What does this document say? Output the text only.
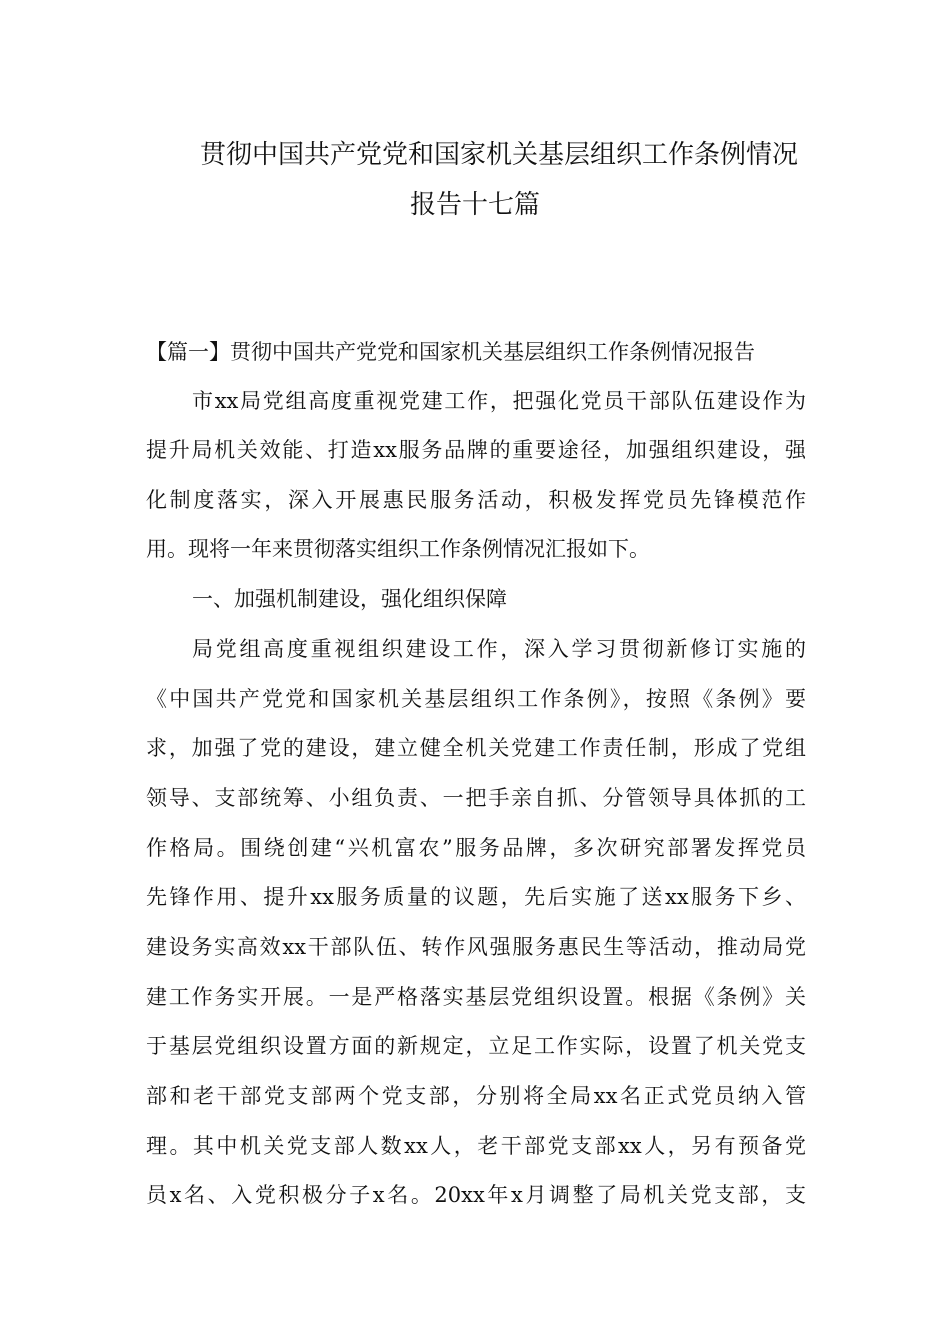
贯彻中国共产党党和国家机关基层组织工作条例情况
报告十七篇
【篇一】贯彻中国共产党党和国家机关基层组织工作条例情况报告
市xx局党组高度重视党建工作，把强化党员干部队伍建设作为
提升局机关效能、打造xx服务品牌的重要途径，加强组织建设，强
化制度落实，深入开展惠民服务活动，积极发挥党员先锋模范作
用。现将一年来贯彻落实组织工作条例情况汇报如下。
一、加强机制建设，强化组织保障
局党组高度重视组织建设工作，深入学习贯彻新修订实施的
《中国共产党党和国家机关基层组织工作条例》，按照《条例》要
求，加强了党的建设，建立健全机关党建工作责任制，形成了党组
领导、支部统筹、小组负责、一把手亲自抓、分管领导具体抓的工
作格局。围绕创建“兴机富农”服务品牌，多次研究部署发挥党员
先锋作用、提升xx服务质量的议题，先后实施了送xx服务下乡、
建设务实高效xx干部队伍、转作风强服务惠民生等活动，推动局党
建工作务实开展。一是严格落实基层党组织设置。根据《条例》关
于基层党组织设置方面的新规定，立足工作实际，设置了机关党支
部和老干部党支部两个党支部，分别将全局xx名正式党员纳入管
理。其中机关党支部人数xx人，老干部党支部xx人，另有预备党
员x名、入党积极分子x名。20xx年x月调整了局机关党支部，支
